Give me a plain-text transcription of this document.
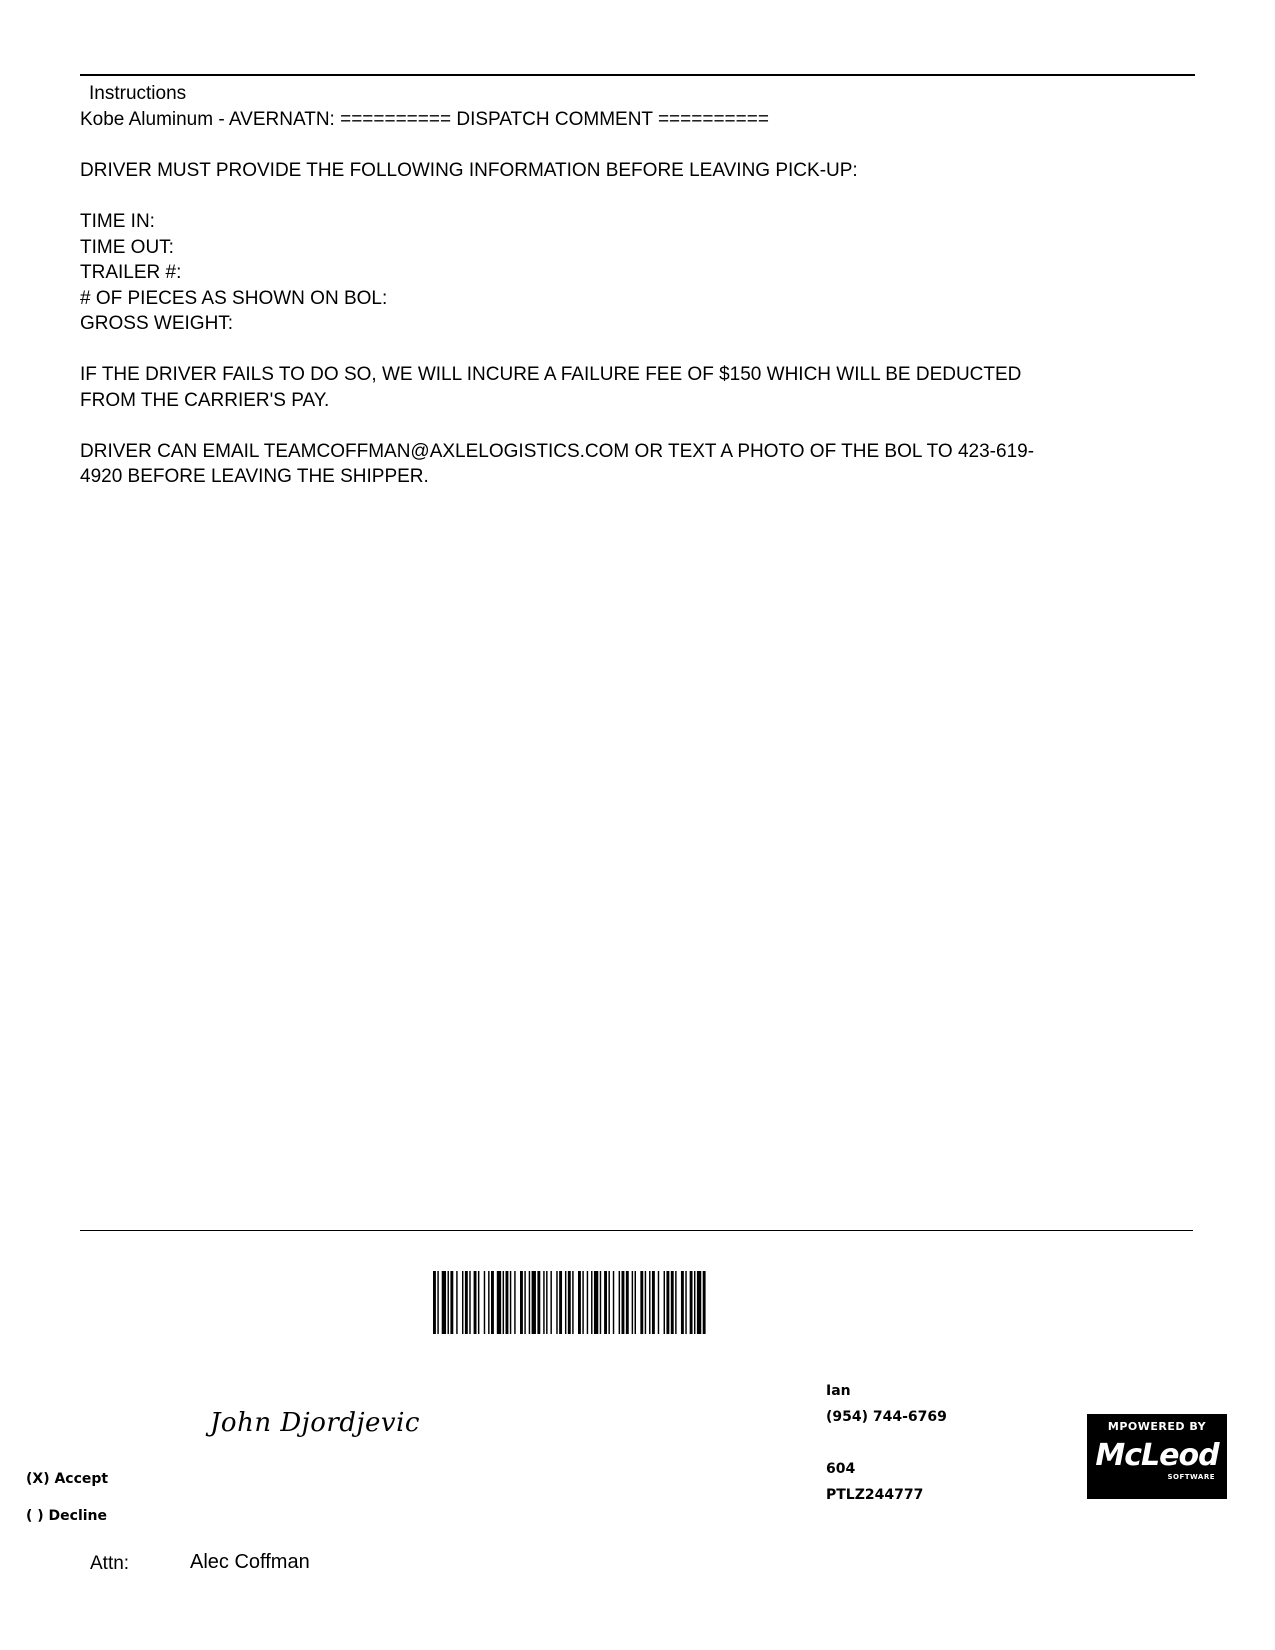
Instructions

Kobe Aluminum - AVERNATN: ========== DISPATCH COMMENT ==========

DRIVER MUST PROVIDE THE FOLLOWING INFORMATION BEFORE LEAVING PICK-UP:

TIME IN:

TIME OUT:

TRAILER #:

# OF PIECES AS SHOWN ON BOL:

GROSS WEIGHT:

IF THE DRIVER FAILS TO DO SO, WE WILL INCURE A FAILURE FEE OF $150 WHICH WILL BE DEDUCTED

FROM THE CARRIER'S PAY.

DRIVER CAN EMAIL TEAMCOFFMAN@AXLELOGISTICS.COM OR TEXT A PHOTO OF THE BOL TO 423-619-

4920 BEFORE LEAVING THE SHIPPER.

John Djordjevic
(X) Accept
( ) Decline
Attn:	Alec Coffman
Ian
(954) 744-6769
604
PTLZ244777
MPOWERED BY
McLeod
SOFTWARE
